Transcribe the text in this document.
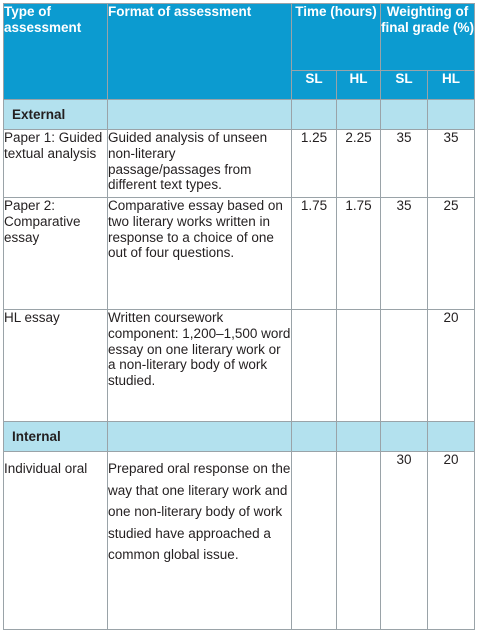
Type of assessment	Format of assessment	Time (hours)		Weighting of final grade (%)	
		SL	HL	SL	HL
External					
Paper 1: Guided textual analysis	Guided analysis of unseen non-literary passage/passages from different text types.	1.25	2.25	35	35
Paper 2: Comparative essay	Comparative essay based on two literary works written in response to a choice of one out of four questions.	1.75	1.75	35	25
HL essay	Written coursework component: 1,200–1,500 word essay on one literary work or a non-literary body of work studied.				20
Internal					
Individual oral	Prepared oral response on the way that one literary work and one non-literary body of work studied have approached a common global issue.			30	20
